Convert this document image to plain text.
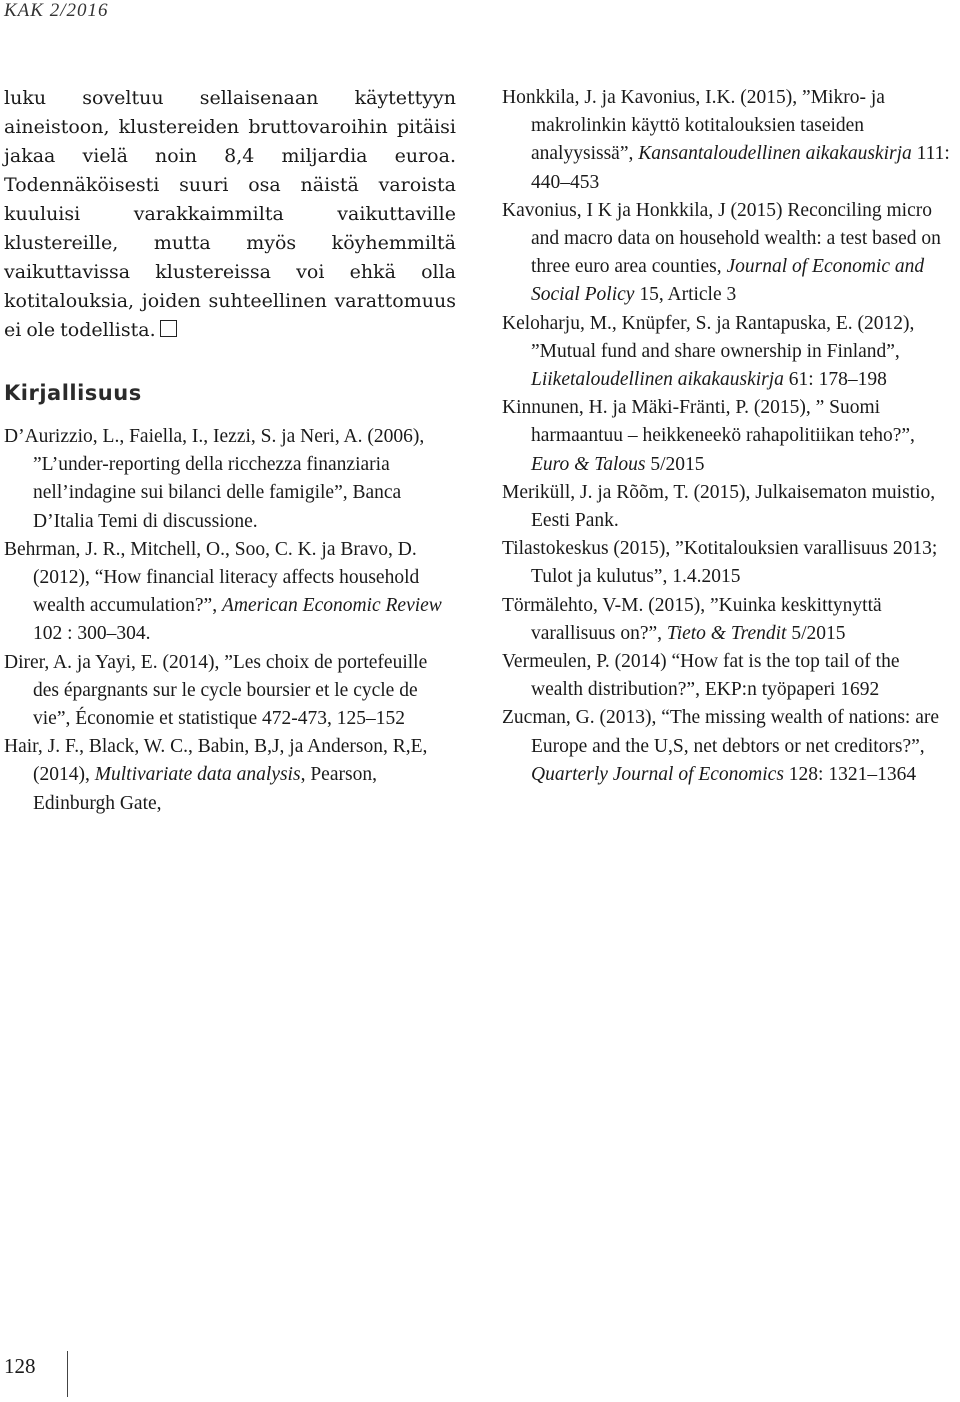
KAK 2/2016

luku soveltuu sellaisenaan käytettyyn aineistoon, klustereiden bruttovaroihin pitäisi jakaa vielä noin 8,4 miljardia euroa. Todennäköisesti suuri osa näistä varoista kuuluisi varakkaimmilta vaikuttaville klustereille, mutta myös köyhemmiltä vaikuttavissa klustereissa voi ehkä olla kotitalouksia, joiden suhteellinen varattomuus ei ole todellista.

Kirjallisuus
D’Aurizzio, L., Faiella, I., Iezzi, S. ja Neri, A. (2006), ”L’under-reporting della ricchezza finanziaria nell’indagine sui bilanci delle famigile”, Banca D’Italia Temi di discussione.
Behrman, J. R., Mitchell, O., Soo, C. K. ja Bravo, D. (2012), “How financial literacy affects household wealth accumulation?”, American Economic Review 102 : 300–304.
Direr, A. ja Yayi, E. (2014), ”Les choix de portefeuille des épargnants sur le cycle boursier et le cycle de vie”, Économie et statistique 472-473, 125–152
Hair, J. F., Black, W. C., Babin, B,J, ja Anderson, R,E, (2014), Multivariate data analysis, Pearson, Edinburgh Gate,
Honkkila, J. ja Kavonius, I.K. (2015), ”Mikro- ja makrolinkin käyttö kotitalouksien taseiden analyysissä”, Kansantaloudellinen aikakauskirja 111: 440–453
Kavonius, I K ja Honkkila, J (2015) Reconciling micro and macro data on household wealth: a test based on three euro area counties, Journal of Economic and Social Policy 15, Article 3
Keloharju, M., Knüpfer, S. ja Rantapuska, E. (2012), ”Mutual fund and share ownership in Finland”, Liiketaloudellinen aikakauskirja 61: 178–198
Kinnunen, H. ja Mäki-Fränti, P. (2015), ” Suomi harmaantuu – heikkeneekö rahapolitiikan teho?”, Euro & Talous 5/2015
Meriküll, J. ja Rõõm, T. (2015), Julkaisematon muistio, Eesti Pank.
Tilastokeskus (2015), ”Kotitalouksien varallisuus 2013; Tulot ja kulutus”, 1.4.2015
Törmälehto, V-M. (2015), ”Kuinka keskittynyttä varallisuus on?”, Tieto & Trendit 5/2015
Vermeulen, P. (2014) “How fat is the top tail of the wealth distribution?”, EKP:n työpaperi 1692
Zucman, G. (2013), “The missing wealth of nations: are Europe and the U,S, net debtors or net creditors?”, Quarterly Journal of Economics 128: 1321–1364
128
